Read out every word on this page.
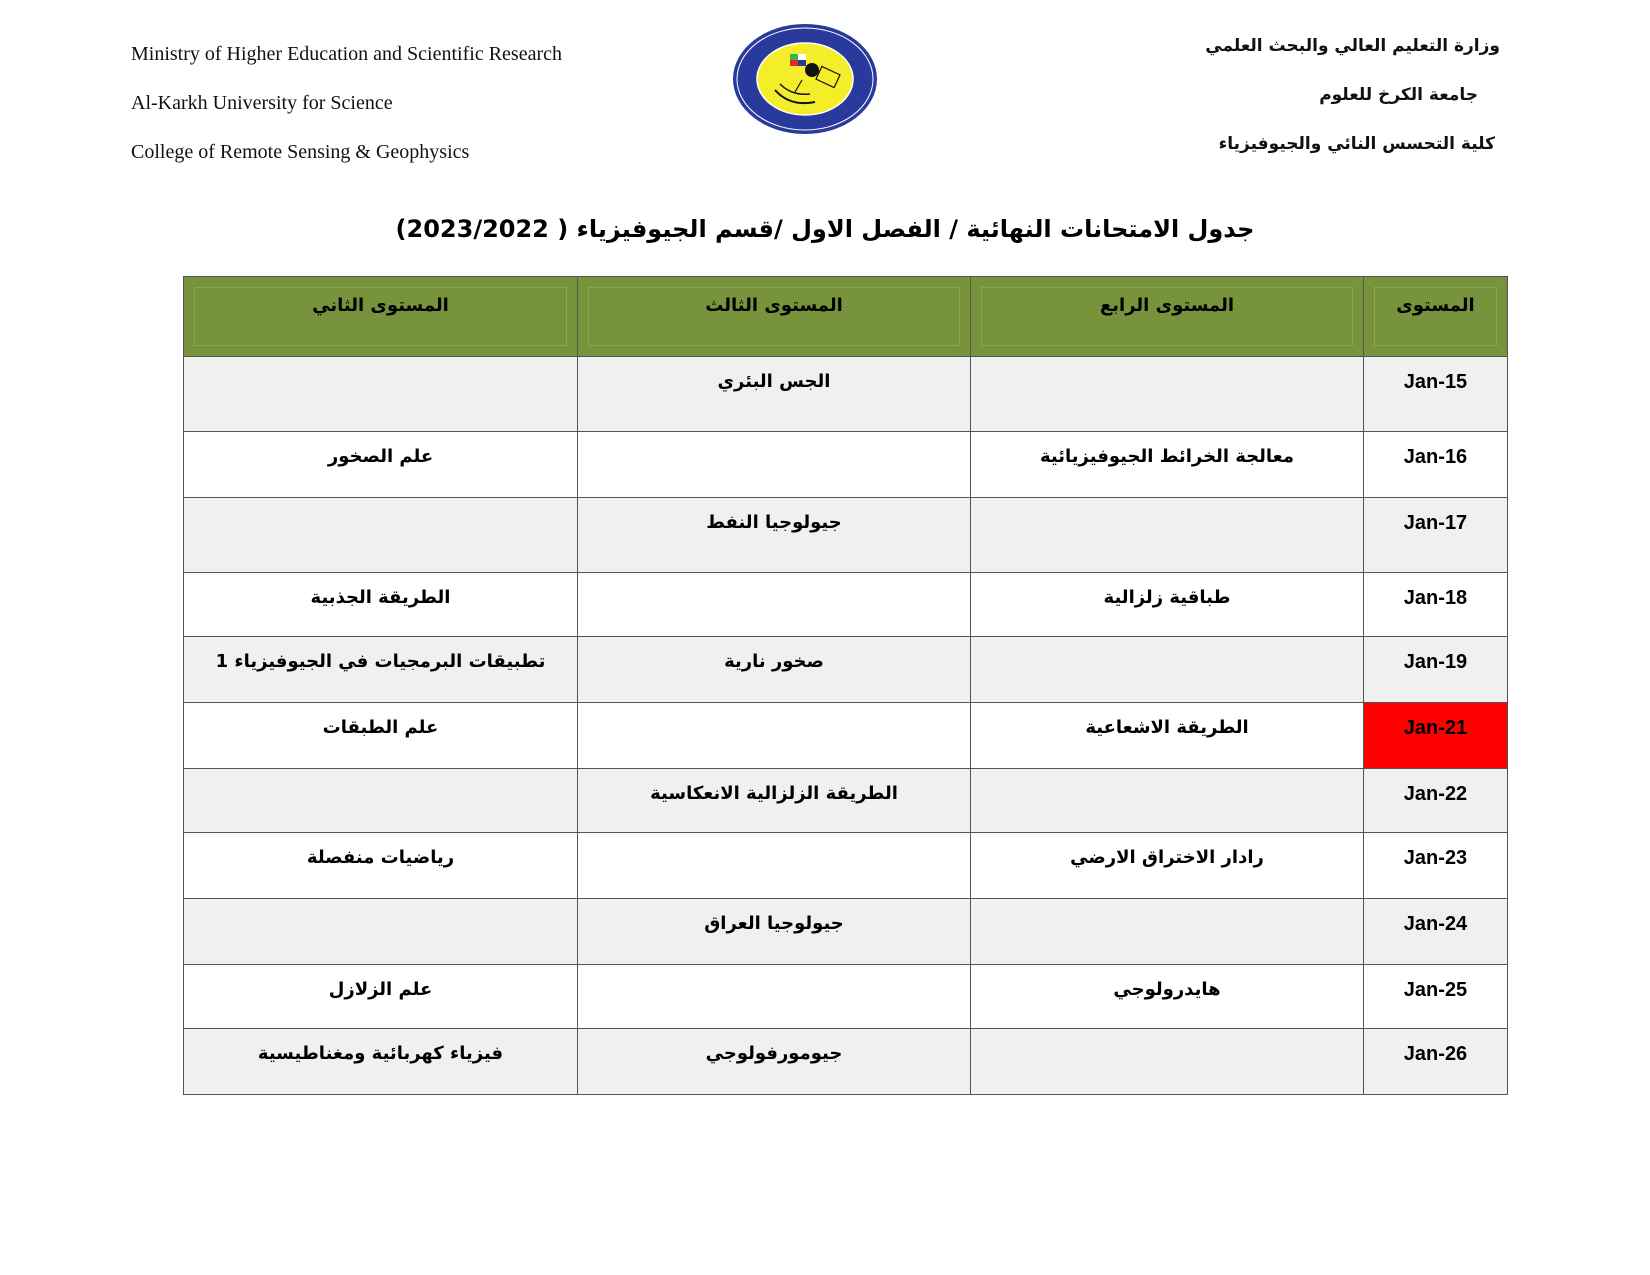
Ministry of Higher Education and Scientific Research
Al-Karkh University for Science
College of Remote Sensing & Geophysics
وزارة التعليم العالي والبحث العلمي
جامعة الكرخ للعلوم
كلية التحسس النائي والجيوفيزياء
جدول الامتحانات النهائية / الفصل الاول /قسم الجيوفيزياء ( 2023/2022)
المستوى	المستوى الرابع	المستوى الثالث	المستوى الثاني
15-Jan		الجس البئري	
16-Jan	معالجة الخرائط الجيوفيزيائية		علم الصخور
17-Jan		جيولوجيا النفط	
18-Jan	طباقية زلزالية		الطريقة الجذبية
19-Jan		صخور نارية	تطبيقات البرمجيات في الجيوفيزياء 1
21-Jan	الطريقة الاشعاعية		علم الطبقات
22-Jan		الطريقة الزلزالية الانعكاسية	
23-Jan	رادار الاختراق الارضي		رياضيات منفصلة
24-Jan		جيولوجيا العراق	
25-Jan	هايدرولوجي		علم الزلازل
26-Jan		جيومورفولوجي	فيزياء كهربائية ومغناطيسية
